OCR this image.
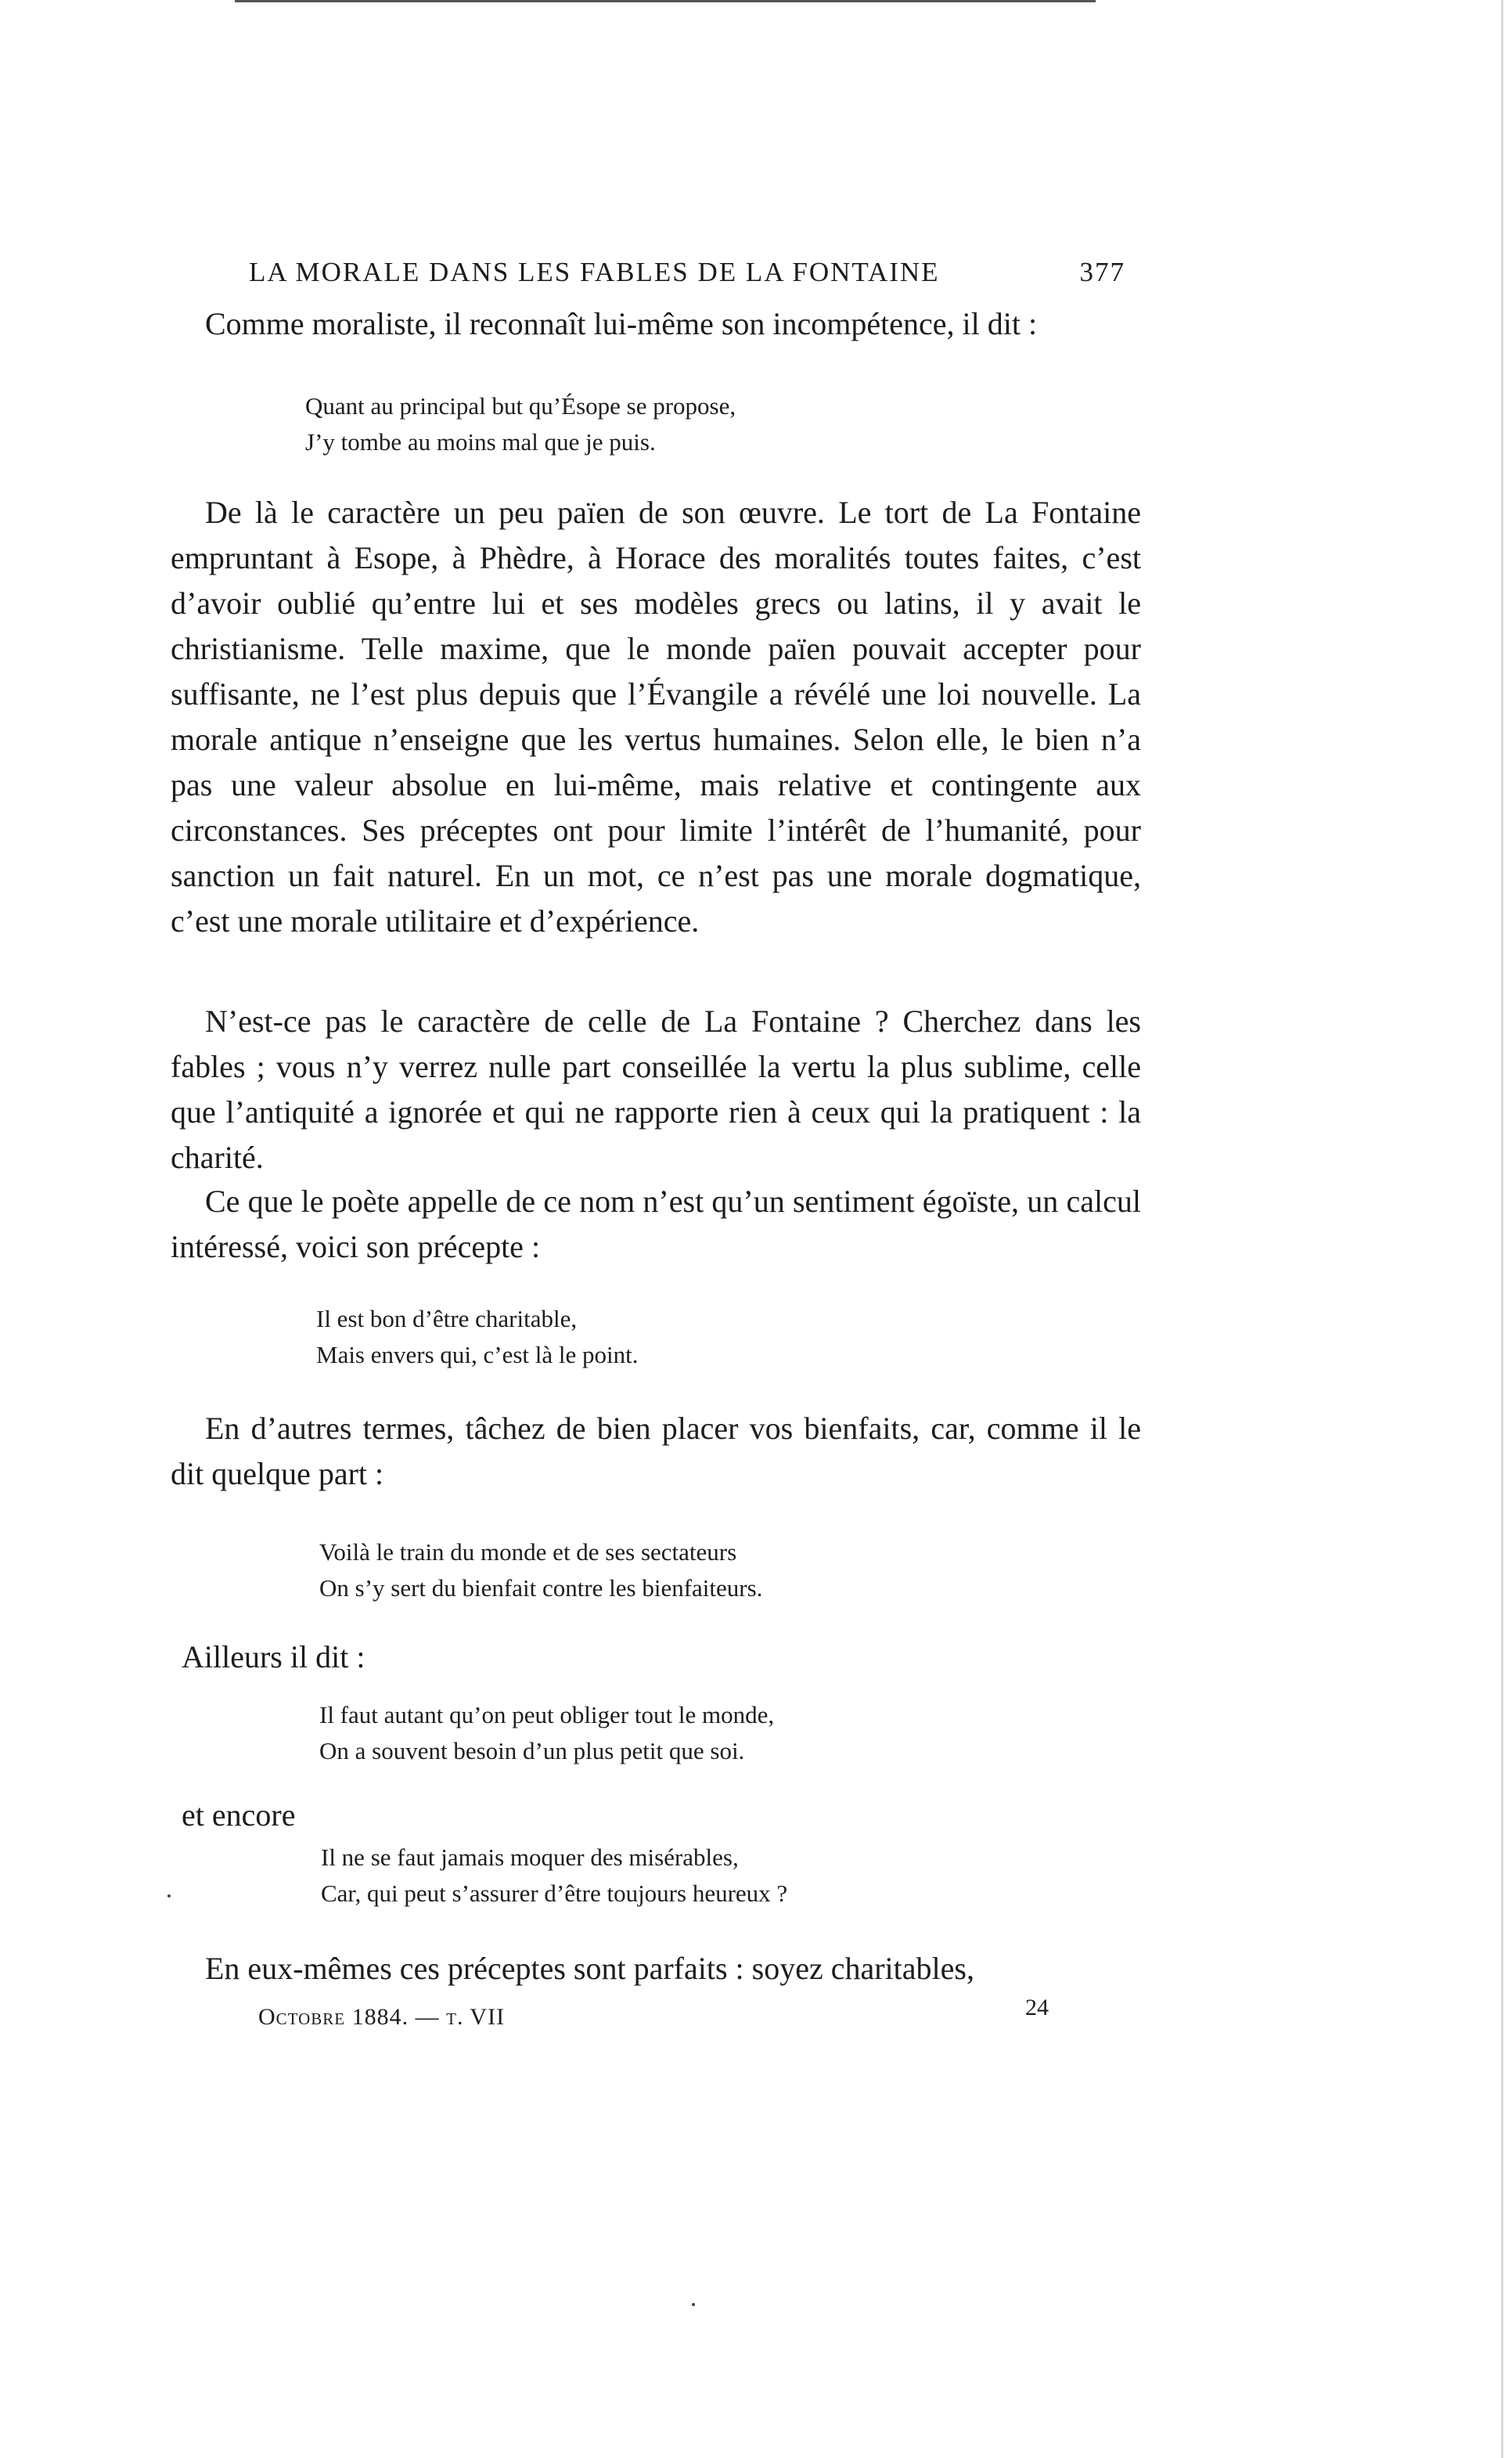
LA MORALE DANS LES FABLES DE LA FONTAINE	377

Comme moraliste, il reconnaît lui-même son incompétence, il dit :

Quant au principal but qu’Ésope se propose,
J’y tombe au moins mal que je puis.

De là le caractère un peu païen de son œuvre. Le tort de La Fontaine empruntant à Esope, à Phèdre, à Horace des moralités toutes faites, c’est d’avoir oublié qu’entre lui et ses modèles grecs ou latins, il y avait le christianisme. Telle maxime, que le monde païen pouvait accepter pour suffisante, ne l’est plus depuis que l’Évangile a révélé une loi nouvelle. La morale antique n’enseigne que les vertus humaines. Selon elle, le bien n’a pas une valeur absolue en lui-même, mais relative et contingente aux circonstances. Ses préceptes ont pour limite l’intérêt de l’humanité, pour sanction un fait naturel. En un mot, ce n’est pas une morale dogmatique, c’est une morale utilitaire et d’expérience.

N’est-ce pas le caractère de celle de La Fontaine ? Cherchez dans les fables ; vous n’y verrez nulle part conseillée la vertu la plus sublime, celle que l’antiquité a ignorée et qui ne rapporte rien à ceux qui la pratiquent : la charité.

Ce que le poète appelle de ce nom n’est qu’un sentiment égoïste, un calcul intéressé, voici son précepte :

Il est bon d’être charitable,
Mais envers qui, c’est là le point.

En d’autres termes, tâchez de bien placer vos bienfaits, car, comme il le dit quelque part :

Voilà le train du monde et de ses sectateurs
On s’y sert du bienfait contre les bienfaiteurs.
Ailleurs il dit :
Il faut autant qu’on peut obliger tout le monde,
On a souvent besoin d’un plus petit que soi.
et encore
Il ne se faut jamais moquer des misérables,
Car, qui peut s’assurer d’être toujours heureux ?

En eux-mêmes ces préceptes sont parfaits : soyez charitables,

Octobre 1884. — t. VII	24
